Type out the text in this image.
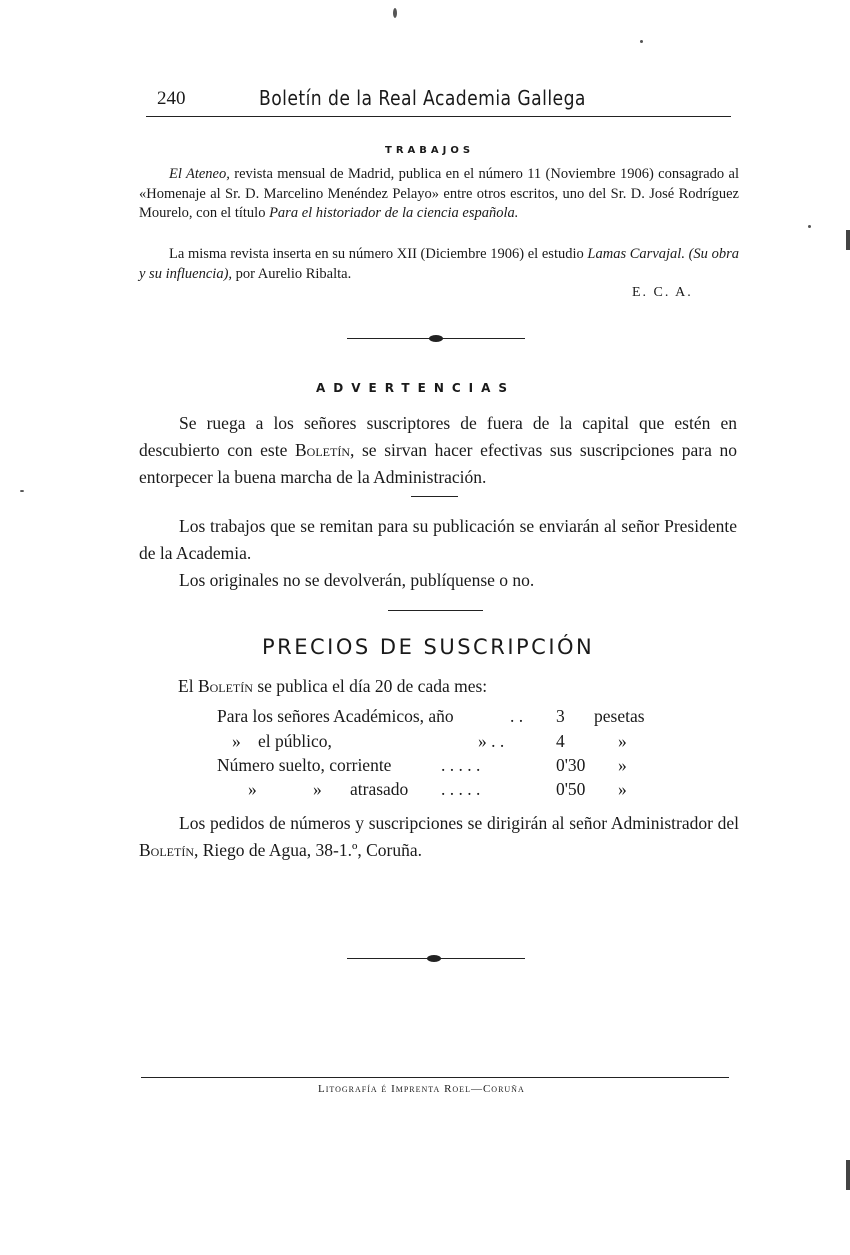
240	Boletín de la Real Academia Gallega
TRABAJOS
El Ateneo, revista mensual de Madrid, publica en el número 11 (Noviembre 1906) consagrado al «Homenaje al Sr. D. Marcelino Menéndez Pelayo» entre otros escritos, uno del Sr. D. José Rodríguez Mourelo, con el título Para el historiador de la ciencia española.
La misma revista inserta en su número XII (Diciembre 1906) el estudio Lamas Carvajal. (Su obra y su influencia), por Aurelio Ribalta.
E. C. A.
ADVERTENCIAS
Se ruega a los señores suscriptores de fuera de la capital que estén en descubierto con este Boletín, se sirvan hacer efectivas sus suscripciones para no entorpecer la buena marcha de la Administración.
Los trabajos que se remitan para su publicación se enviarán al señor Presidente de la Academia.
Los originales no se devolverán, publíquense o no.
PRECIOS DE SUSCRIPCIÓN
El Boletín se publica el día 20 de cada mes:
Para los señores Académicos, año	. . 3 pesetas
» el público,	» . .	4	»
Número suelto, corriente	. . . . .	0'30 »
»	» atrasado . . . . .	0'50 »
Los pedidos de números y suscripciones se dirigirán al señor Administrador del Boletín, Riego de Agua, 38-1.º, Coruña.
Litografía é Imprenta Roel—Coruña
